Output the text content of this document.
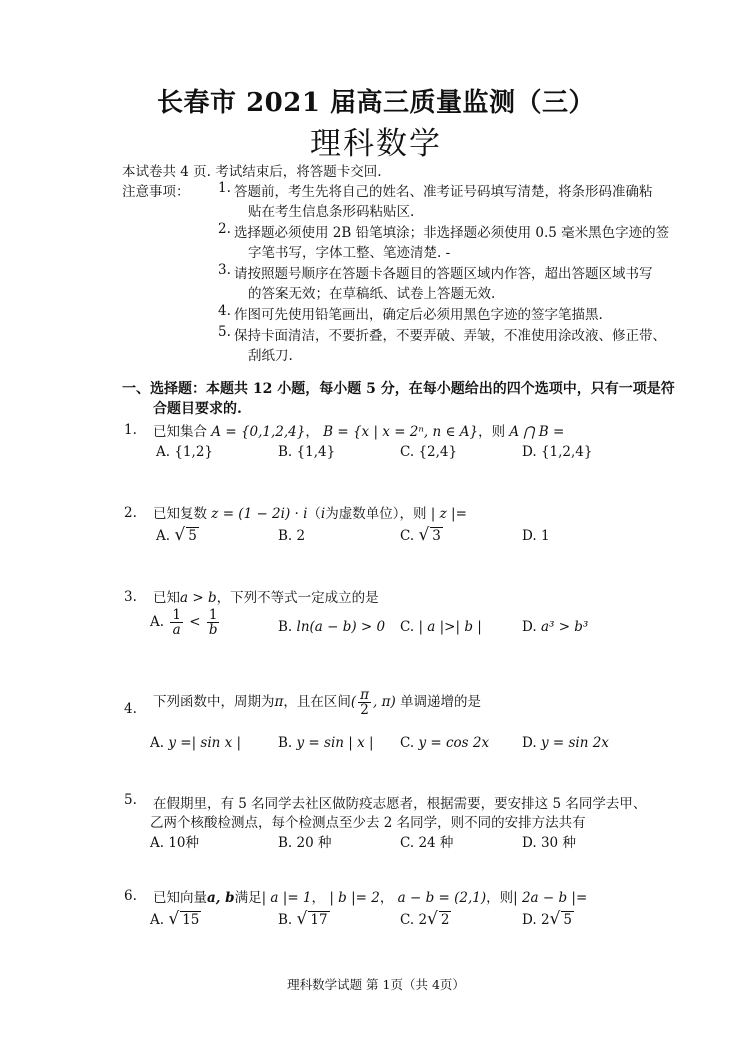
长春市 2021 届高三质量监测（三）
理科数学
本试卷共 4 页. 考试结束后，将答题卡交回.
注意事项： 1. 答题前，考生先将自己的姓名、准考证号码填写清楚，将条形码准确粘
贴在考生信息条形码粘贴区.
2. 选择题必须使用 2B 铅笔填涂；非选择题必须使用 0.5 毫米黑色字迹的签
字笔书写，字体工整、笔迹清楚. -
3. 请按照题号顺序在答题卡各题目的答题区域内作答，超出答题区域书写
的答案无效；在草稿纸、试卷上答题无效.
4. 作图可先使用铅笔画出，确定后必须用黑色字迹的签字笔描黑.
5. 保持卡面清洁，不要折叠，不要弄破、弄皱，不准使用涂改液、修正带、
刮纸刀.
一、选择题：本题共 12 小题，每小题 5 分，在每小题给出的四个选项中，只有一项是符
合题目要求的.
1. 已知集合 A = {0,1,2,4}， B = {x | x = 2ⁿ, n ∈ A}，则 A ⋂ B =
A. {1,2}	B. {1,4}	C. {2,4}	D. {1,2,4}
2. 已知复数 z = (1 − 2i) · i（i为虚数单位），则 | z |=
A. √ 5	B. 2	C. √ 3	D. 1
3. 已知a > b，下列不等式一定成立的是
A. $\frac{1}{a} < \frac{1}{b}$	B. ln(a − b) > 0 C. | a |>| b |	D. a³ > b³
4. 下列函数中，周期为π，且在区间( $\frac{\pi}{2}$ , π) 单调递增的是
A. y =| sin x |	B. y = sin | x | C. y = cos 2x D. y = sin 2x
5. 在假期里，有 5 名同学去社区做防疫志愿者，根据需要，要安排这 5 名同学去甲、
乙两个核酸检测点，每个检测点至少去 2 名同学，则不同的安排方法共有
A. 10种	B. 20 种	C. 24 种	D. 30 种
6. 已知向量a, b满足| a |= 1， | b |= 2， a − b = (2,1)，则| 2a − b |=
A. √ 15	B. √ 17	C. 2√ 2	D. 2√ 5
理科数学试题 第 1页（共 4页）
